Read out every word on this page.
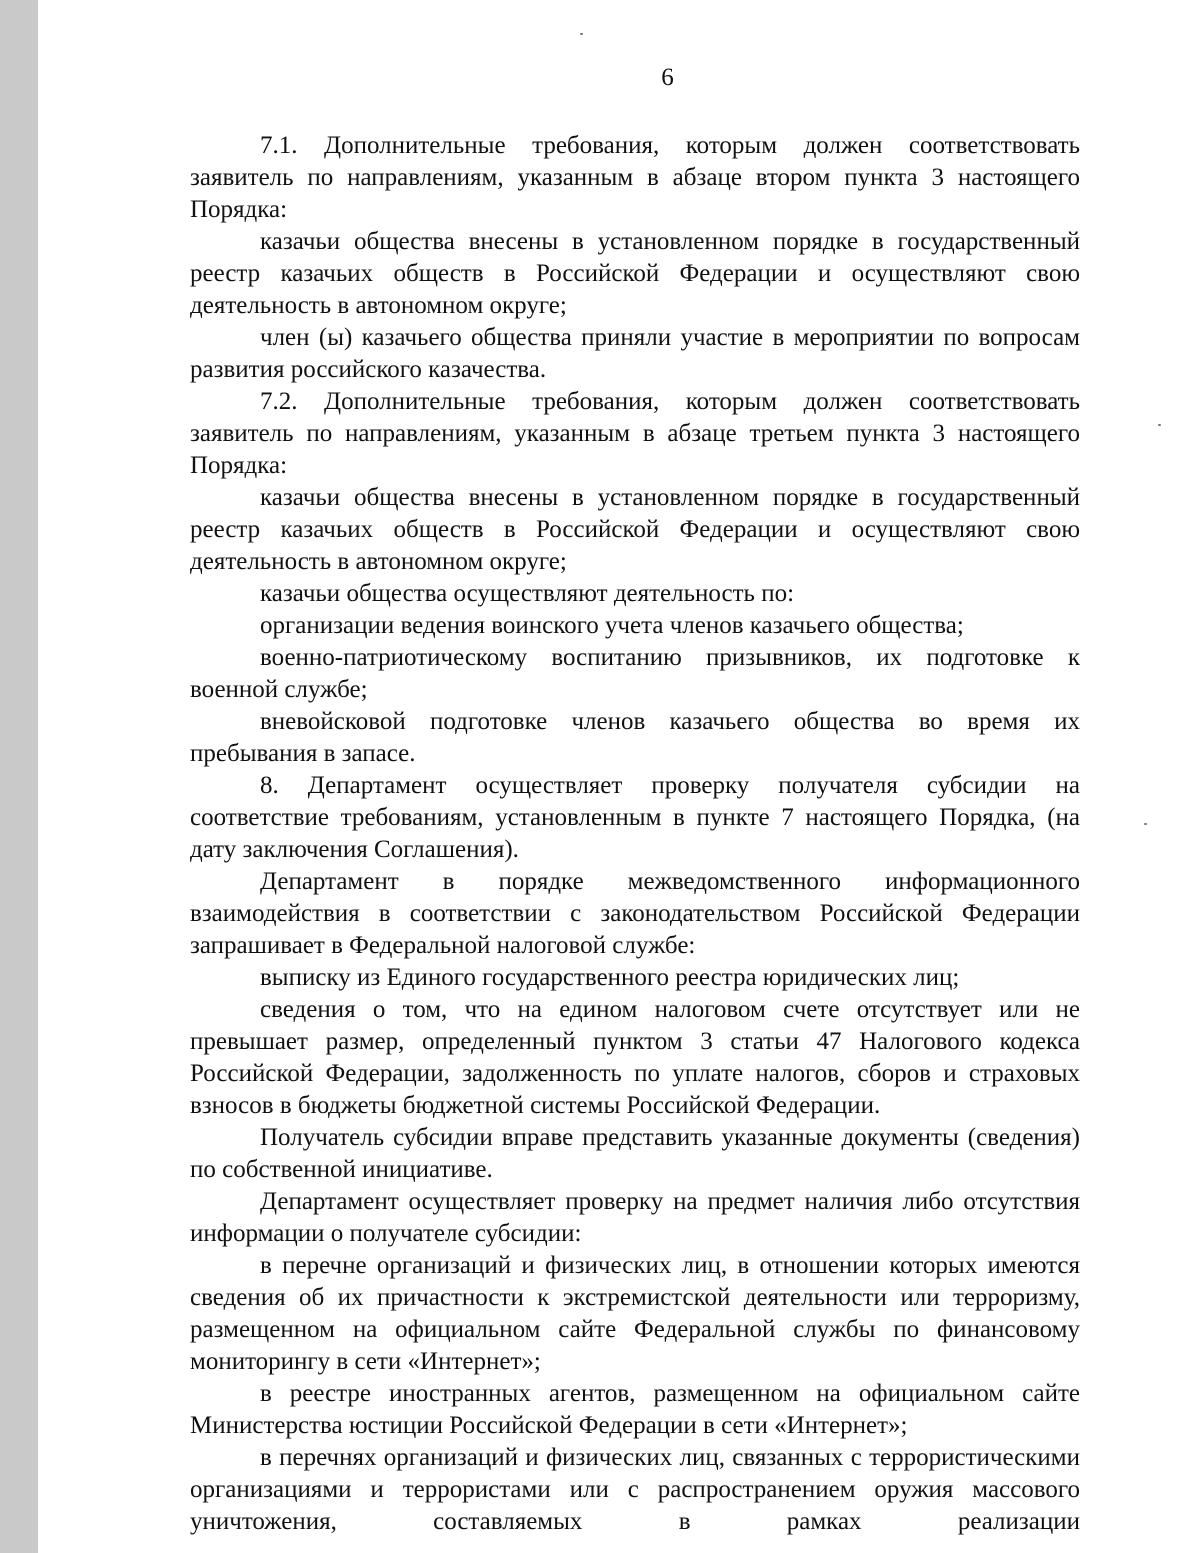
6

7.1. Дополнительные требования, которым должен соответствовать заявитель по направлениям, указанным в абзаце втором пункта 3 настоящего Порядка:

казачьи общества внесены в установленном порядке в государственный реестр казачьих обществ в Российской Федерации и осуществляют свою деятельность в автономном округе;

член (ы) казачьего общества приняли участие в мероприятии по вопросам развития российского казачества.

7.2. Дополнительные требования, которым должен соответствовать заявитель по направлениям, указанным в абзаце третьем пункта 3 настоящего Порядка:

казачьи общества внесены в установленном порядке в государственный реестр казачьих обществ в Российской Федерации и осуществляют свою деятельность в автономном округе;

казачьи общества осуществляют деятельность по:

организации ведения воинского учета членов казачьего общества;

военно-патриотическому воспитанию призывников, их подготовке к военной службе;

вневойсковой подготовке членов казачьего общества во время их пребывания в запасе.

8. Департамент осуществляет проверку получателя субсидии на соответствие требованиям, установленным в пункте 7 настоящего Порядка, (на дату заключения Соглашения).

Департамент в порядке межведомственного информационного взаимодействия в соответствии с законодательством Российской Федерации запрашивает в Федеральной налоговой службе:

выписку из Единого государственного реестра юридических лиц;

сведения о том, что на едином налоговом счете отсутствует или не превышает размер, определенный пунктом 3 статьи 47 Налогового кодекса Российской Федерации, задолженность по уплате налогов, сборов и страховых взносов в бюджеты бюджетной системы Российской Федерации.

Получатель субсидии вправе представить указанные документы (сведения) по собственной инициативе.

Департамент осуществляет проверку на предмет наличия либо отсутствия информации о получателе субсидии:

в перечне организаций и физических лиц, в отношении которых имеются сведения об их причастности к экстремистской деятельности или терроризму, размещенном на официальном сайте Федеральной службы по финансовому мониторингу в сети «Интернет»;

в реестре иностранных агентов, размещенном на официальном сайте Министерства юстиции Российской Федерации в сети «Интернет»;

в перечнях организаций и физических лиц, связанных с террористическими организациями и террористами или с распространением оружия массового уничтожения, составляемых в рамках реализации
